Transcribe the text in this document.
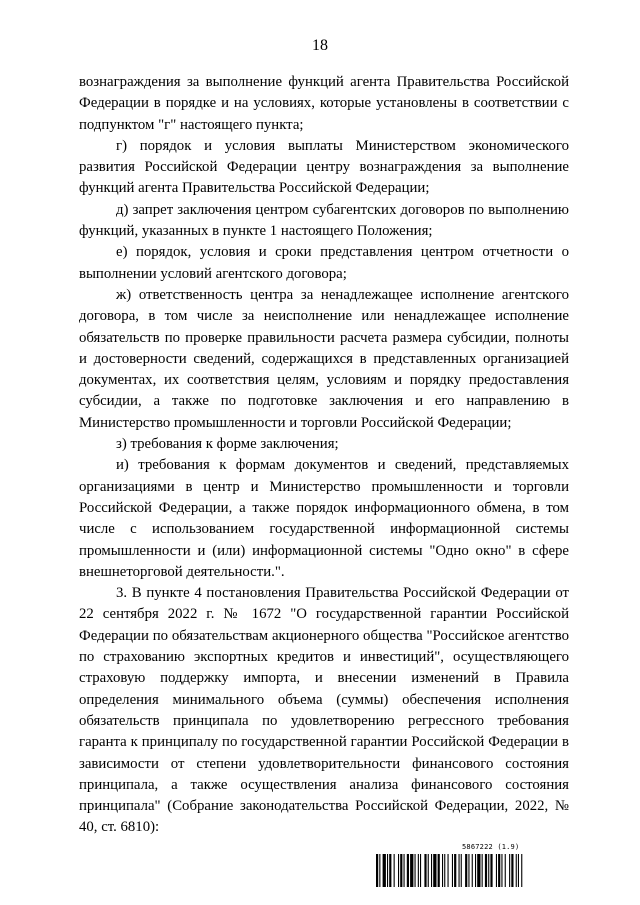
18

вознаграждения за выполнение функций агента Правительства Российской Федерации в порядке и на условиях, которые установлены в соответствии с подпунктом "г" настоящего пункта;

г) порядок и условия выплаты Министерством экономического развития Российской Федерации центру вознаграждения за выполнение функций агента Правительства Российской Федерации;

д) запрет заключения центром субагентских договоров по выполнению функций, указанных в пункте 1 настоящего Положения;

е) порядок, условия и сроки представления центром отчетности о выполнении условий агентского договора;

ж) ответственность центра за ненадлежащее исполнение агентского договора, в том числе за неисполнение или ненадлежащее исполнение обязательств по проверке правильности расчета размера субсидии, полноты и достоверности сведений, содержащихся в представленных организацией документах, их соответствия целям, условиям и порядку предоставления субсидии, а также по подготовке заключения и его направлению в Министерство промышленности и торговли Российской Федерации;

з) требования к форме заключения;

и) требования к формам документов и сведений, представляемых организациями в центр и Министерство промышленности и торговли Российской Федерации, а также порядок информационного обмена, в том числе с использованием государственной информационной системы промышленности и (или) информационной системы "Одно окно" в сфере внешнеторговой деятельности.".

3. В пункте 4 постановления Правительства Российской Федерации от 22 сентября 2022 г. № 1672 "О государственной гарантии Российской Федерации по обязательствам акционерного общества "Российское агентство по страхованию экспортных кредитов и инвестиций", осуществляющего страховую поддержку импорта, и внесении изменений в Правила определения минимального объема (суммы) обеспечения исполнения обязательств принципала по удовлетворению регрессного требования гаранта к принципалу по государственной гарантии Российской Федерации в зависимости от степени удовлетворительности финансового состояния принципала, а также осуществления анализа финансового состояния принципала" (Собрание законодательства Российской Федерации, 2022, № 40, ст. 6810):

5867222 (1.9)
